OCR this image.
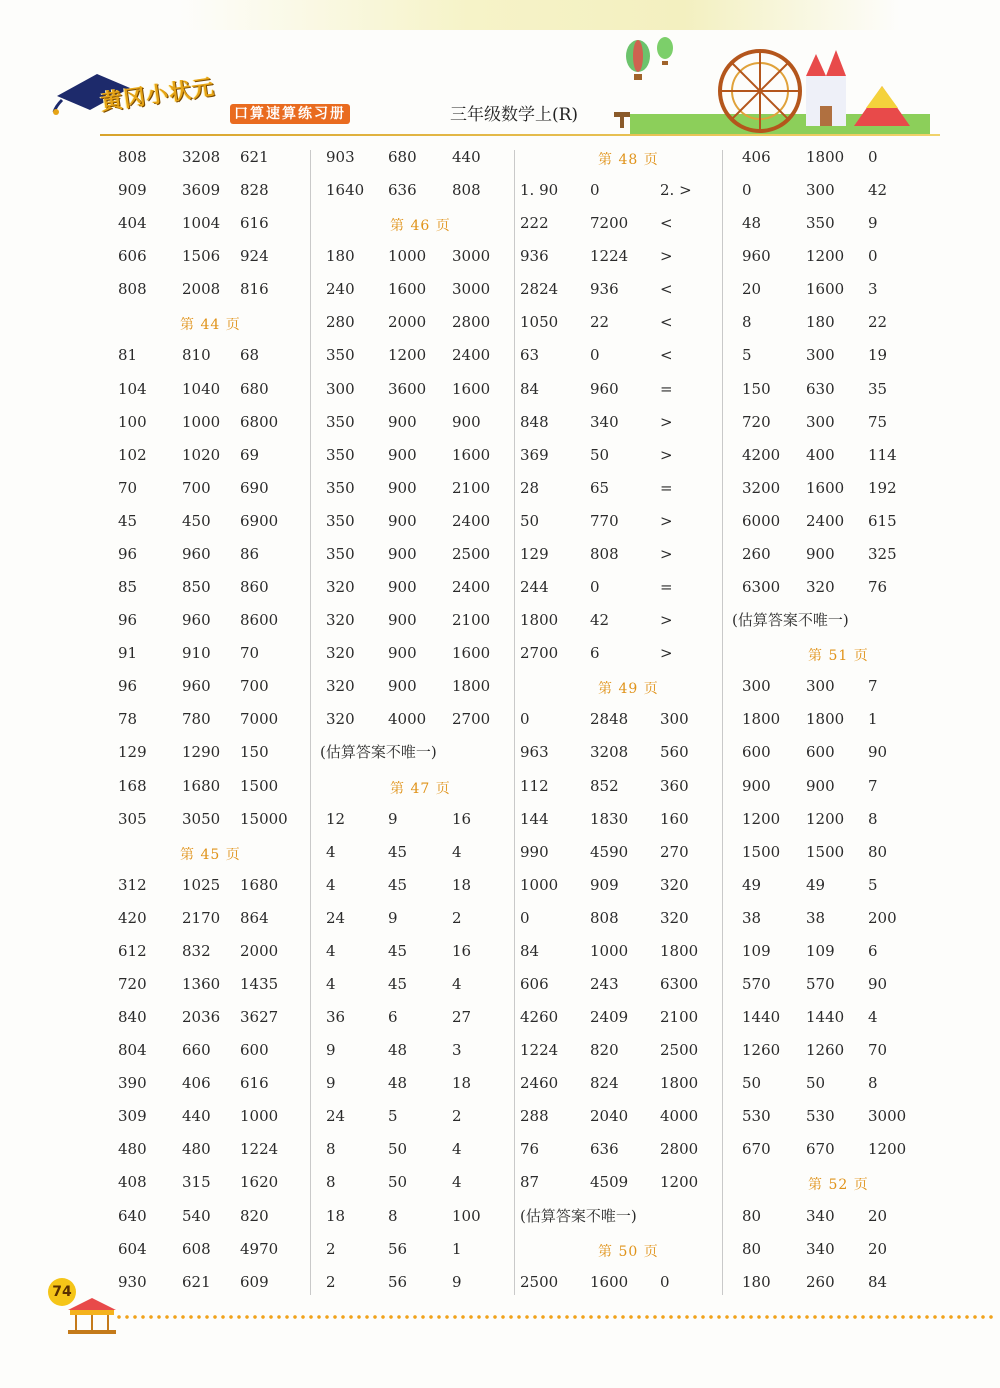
黄冈小状元 口算速算练习册	三年级数学上(R)
808 3208 621
909 3609 828
404 1004 616
606 1506 924
808 2008 816
第 44 页
81	810 68
104 1040 680
100 1000 6800
102 1020 69
70	700 690
45	450 6900
96	960 86
85	850 860
96	960 8600
91	910 70
96	960 700
78	780 7000
129 1290 150
168 1680 1500
305 3050 15000
第 45 页
312 1025 1680
420 2170 864
612 832 2000
720 1360 1435
840 2036 3627
804 660 600
390 406 616
309 440 1000
480 480 1224
408 315 1620
640 540 820
604 608 4970
930 621 609
903 680 440
1640 636 808
第 46 页
180 1000 3000
240 1600 3000
280 2000 2800
350 1200 2400
300 3600 1600
350 900 900
350 900 1600
350 900 2100
350 900 2400
350 900 2500
320 900 2400
320 900 2100
320 900 1600
320 900 1800
320 4000 2700
(估算答案不唯一)
第 47 页
12	9	16
4	45	4
4	45	18
24	9	2
4	45	16
4	45	4
36	6	27
9	48	3
9	48	18
24	5	2
8	50	4
8	50	4
18	8	100
2	56	1
2	56	9
第 48 页
1. 90 0	2. >
222	7200 <
936	1224 >
2824 936	<
1050 22	<
63	0	<
84	960	=
848	340	>
369	50	>
28	65	=
50	770	>
129	808	>
244	0	=
1800 42	>
2700 6	>
第 49 页
0	2848 300
963	3208 560
112	852	360
144	1830 160
990	4590 270
1000 909	320
0	808	320
84	1000 1800
606	243	6300
4260 2409 2100
1224 820	2500
2460 824	1800
288	2040 4000
76	636	2800
87	4509 1200
(估算答案不唯一)
第 50 页
2500 1600 0
406 1800 0
0	300 42
48	350 9
960 1200 0
20	1600 3
8	180 22
5	300 19
150 630 35
720 300 75
4200 400 114
3200 1600 192
6000 2400 615
260 900 325
6300 320 76
(估算答案不唯一)
第 51 页
300 300 7
1800 1800 1
600 600 90
900 900 7
1200 1200 8
1500 1500 80
49	49	5
38	38	200
109 109 6
570 570 90
1440 1440 4
1260 1260 70
50	50	8
530 530 3000
670 670 1200
第 52 页
80	340 20
80	340 20
180 260 84
74
